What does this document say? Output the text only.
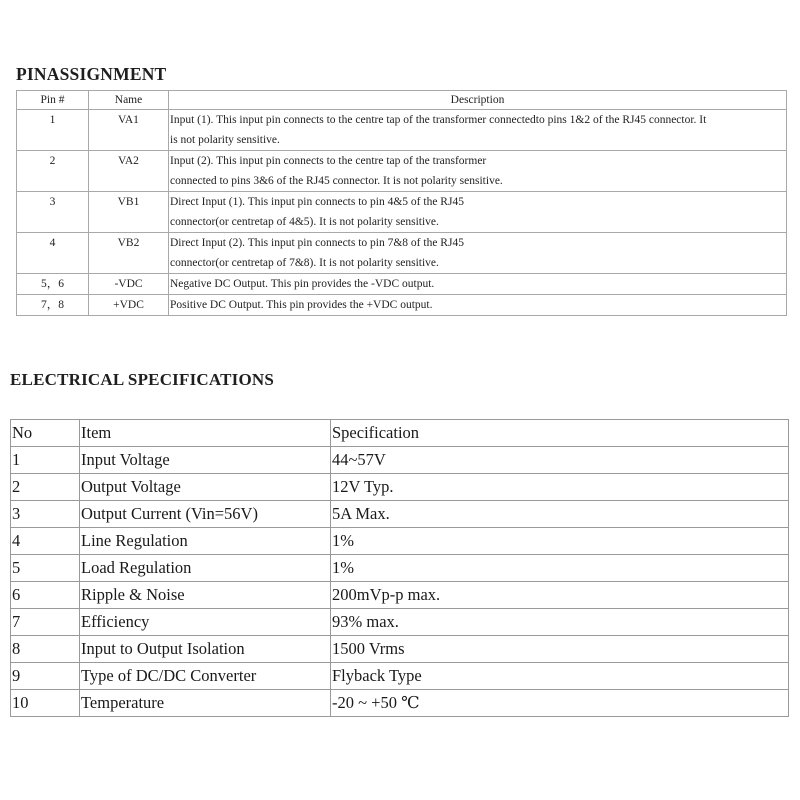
PINASSIGNMENT
Pin #	Name	Description
1	VA1	Input (1). This input pin connects to the centre tap of the transformer connectedto pins 1&2 of the RJ45 connector. It
is not polarity sensitive.
2	VA2	Input (2). This input pin connects to the centre tap of the transformer
connected to pins 3&6 of the RJ45 connector. It is not polarity sensitive.
3	VB1	Direct Input (1). This input pin connects to pin 4&5 of the RJ45
connector(or centretap of 4&5). It is not polarity sensitive.
4	VB2	Direct Input (2). This input pin connects to pin 7&8 of the RJ45
connector(or centretap of 7&8). It is not polarity sensitive.
5，6	-VDC	Negative DC Output. This pin provides the -VDC output.
7，8	+VDC	Positive DC Output. This pin provides the +VDC output.
ELECTRICAL SPECIFICATIONS
No	Item	Specification
1	Input Voltage	44~57V
2	Output Voltage	12V Typ.
3	Output Current (Vin=56V)	5A Max.
4	Line Regulation	1%
5	Load Regulation	1%
6	Ripple & Noise	200mVp-p max.
7	Efficiency	93% max.
8	Input to Output Isolation	1500 Vrms
9	Type of DC/DC Converter	Flyback Type
10	Temperature	-20 ~ +50 ℃
